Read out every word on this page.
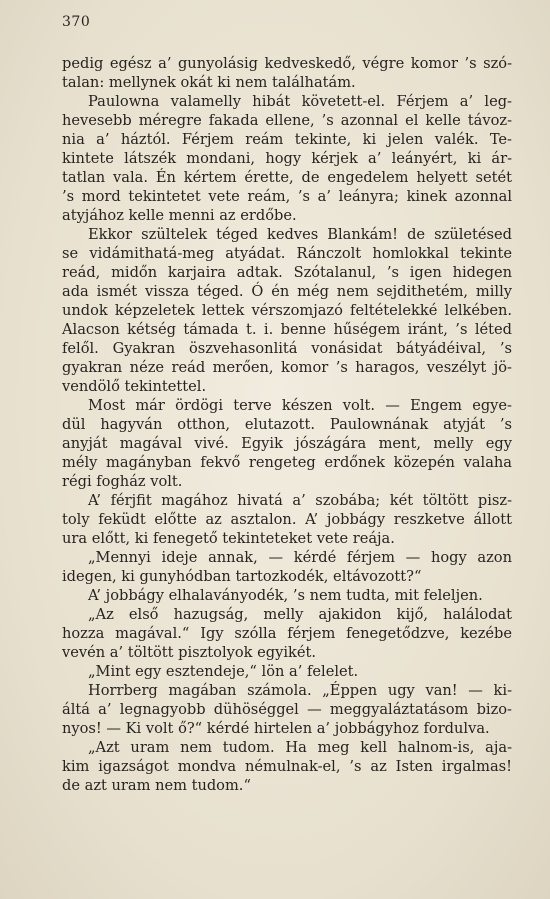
370

pedig egész a’ gunyolásig kedveskedő, végre komor ’s szó-

talan: mellynek okát ki nem találhatám.

Paulowna valamelly hibát követett-el. Férjem a’ leg-

hevesebb méregre fakada ellene, ’s azonnal el kelle távoz-

nia a’ háztól. Férjem reám tekinte, ki jelen valék. Te-

kintete látszék mondani, hogy kérjek a’ leányért, ki ár-

tatlan vala. Én kértem érette, de engedelem helyett setét

’s mord tekintetet vete reám, ’s a’ leányra; kinek azonnal

atyjához kelle menni az erdőbe.

Ekkor szültelek téged kedves Blankám! de születésed

se vidámithatá-meg atyádat. Ránczolt homlokkal tekinte

reád, midőn karjaira adtak. Szótalanul, ’s igen hidegen

ada ismét vissza téged. Ó én még nem sejdithetém, milly

undok képzeletek lettek vérszomjazó feltételekké lelkében.

Alacson kétség támada t. i. benne hűségem iránt, ’s léted

felől. Gyakran öszvehasonlitá vonásidat bátyádéival, ’s

gyakran néze reád merően, komor ’s haragos, veszélyt jö-

vendölő tekintettel.

Most már ördögi terve készen volt. — Engem egye-

dül hagyván otthon, elutazott. Paulownának atyját ’s

anyját magával vivé. Egyik jószágára ment, melly egy

mély magányban fekvő rengeteg erdőnek közepén valaha

régi fogház volt.

A’ férjfit magához hivatá a’ szobába; két töltött pisz-

toly feküdt előtte az asztalon. A’ jobbágy reszketve állott

ura előtt, ki fenegető tekinteteket vete reája.

„Mennyi ideje annak, — kérdé férjem — hogy azon

idegen, ki gunyhódban tartozkodék, eltávozott?“

A’ jobbágy elhalaványodék, ’s nem tudta, mit feleljen.

„Az első hazugság, melly ajakidon kijő, halálodat

hozza magával.“ Igy szólla férjem fenegetődzve, kezébe

vevén a’ töltött pisztolyok egyikét.

„Mint egy esztendeje,“ lön a’ felelet.

Horrberg magában számola. „Éppen ugy van! — ki-

áltá a’ legnagyobb dühöséggel — meggyaláztatásom bizo-

nyos! — Ki volt ő?“ kérdé hirtelen a’ jobbágyhoz fordulva.

„Azt uram nem tudom. Ha meg kell halnom-is, aja-

kim igazságot mondva némulnak-el, ’s az Isten irgalmas!

de azt uram nem tudom.“
